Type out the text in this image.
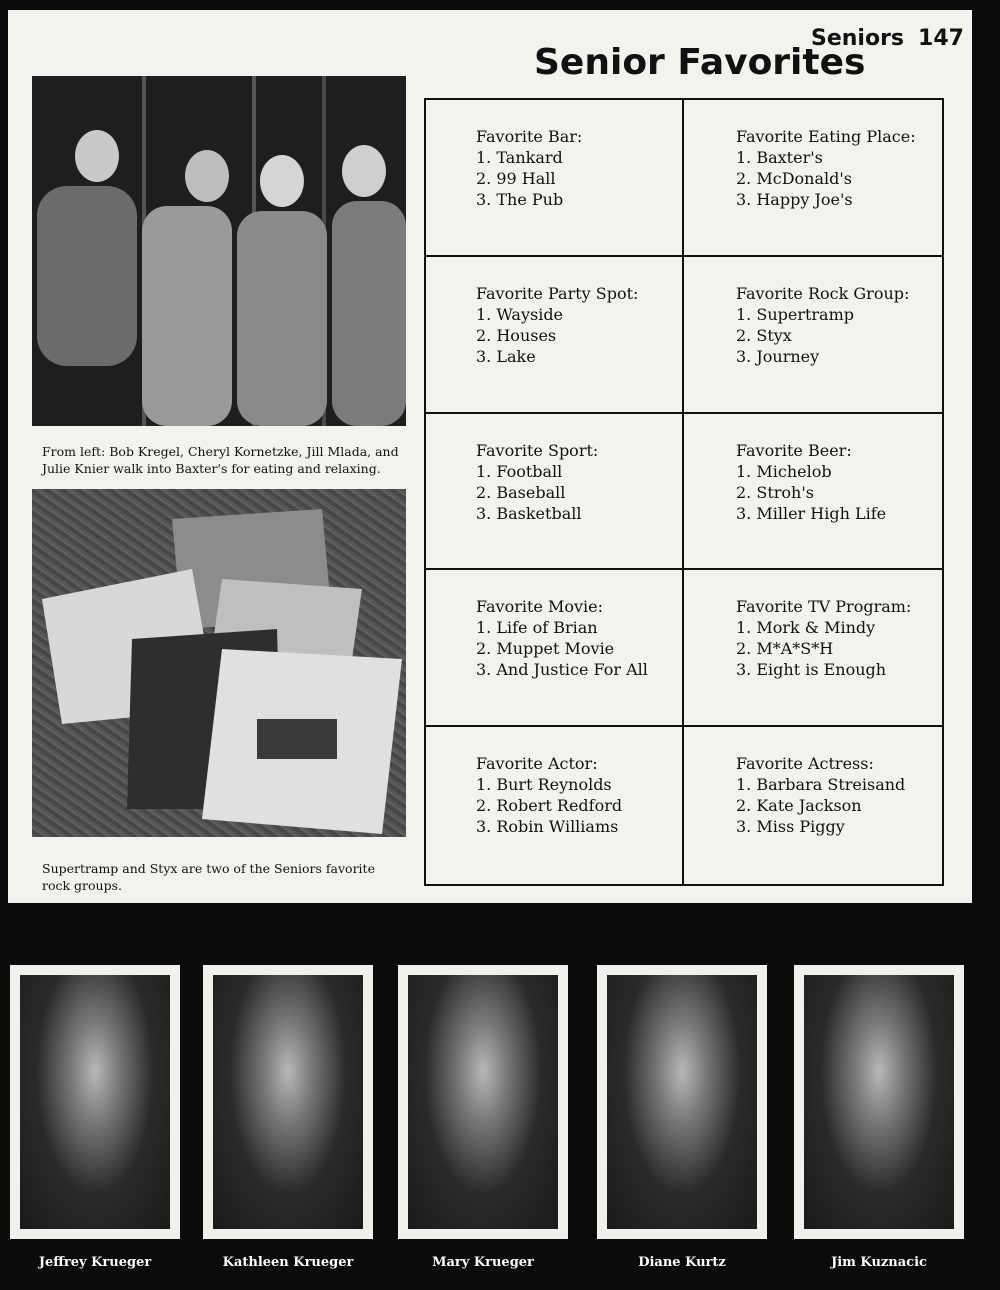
Seniors 147
Senior Favorites
From left: Bob Kregel, Cheryl Kornetzke, Jill Mlada, and Julie Knier walk into Baxter's for eating and relaxing.
Supertramp and Styx are two of the Seniors favorite rock groups.
Favorite Bar:
1. Tankard
2. 99 Hall
3. The Pub
Favorite Eating Place:
1. Baxter's
2. McDonald's
3. Happy Joe's
Favorite Party Spot:
1. Wayside
2. Houses
3. Lake
Favorite Rock Group:
1. Supertramp
2. Styx
3. Journey
Favorite Sport:
1. Football
2. Baseball
3. Basketball
Favorite Beer:
1. Michelob
2. Stroh's
3. Miller High Life
Favorite Movie:
1. Life of Brian
2. Muppet Movie
3. And Justice For All
Favorite TV Program:
1. Mork & Mindy
2. M*A*S*H
3. Eight is Enough
Favorite Actor:
1. Burt Reynolds
2. Robert Redford
3. Robin Williams
Favorite Actress:
1. Barbara Streisand
2. Kate Jackson
3. Miss Piggy
Jeffrey Krueger	Kathleen Krueger	Mary Krueger	Diane Kurtz	Jim Kuznacic
